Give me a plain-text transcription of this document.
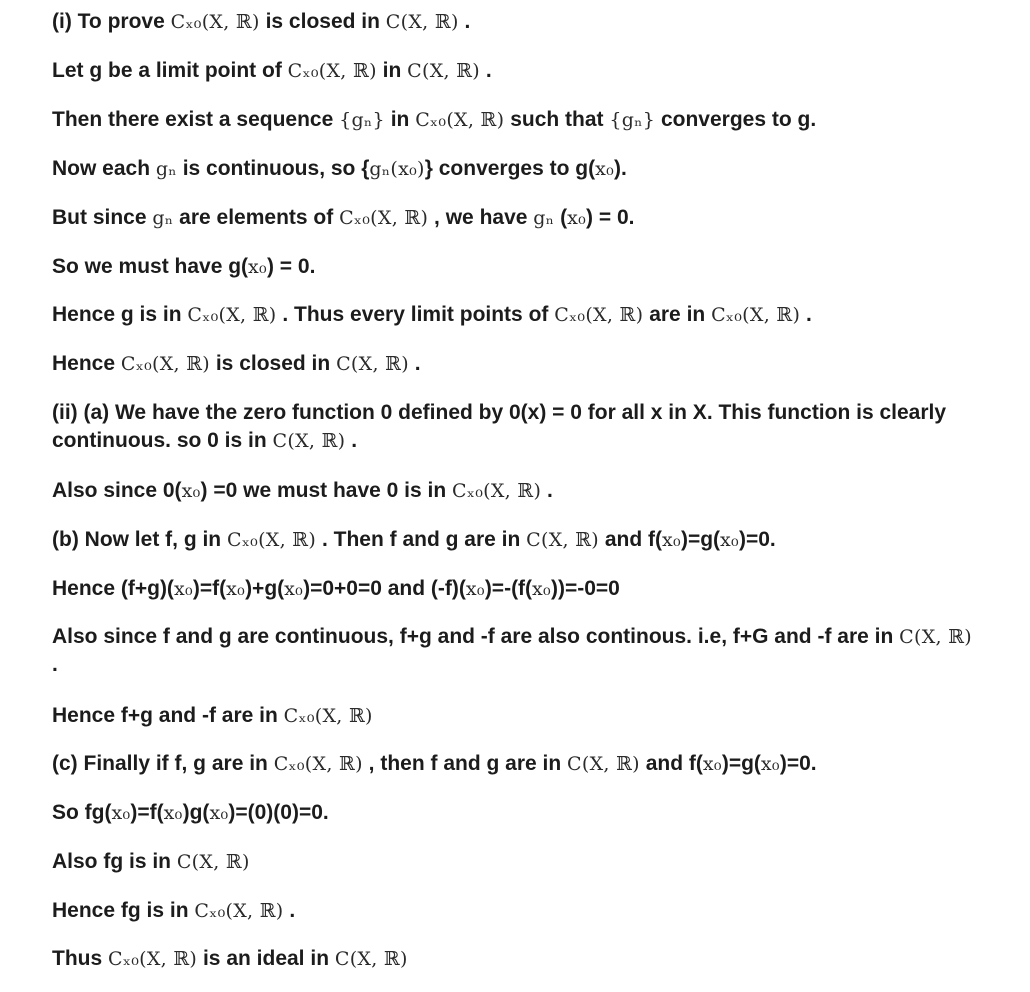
(i) To prove Cₓ₀(X, ℝ) is closed in C(X, ℝ) .
Let g be a limit point of Cₓ₀(X, ℝ) in C(X, ℝ) .
Then there exist a sequence {gₙ} in Cₓ₀(X, ℝ) such that {gₙ} converges to g.
Now each gₙ is continuous, so {gₙ(x₀)} converges to g(x₀).
But since gₙ are elements of Cₓ₀(X, ℝ) , we have gₙ (x₀) = 0.
So we must have g(x₀) = 0.
Hence g is in Cₓ₀(X, ℝ) . Thus every limit points of Cₓ₀(X, ℝ) are in Cₓ₀(X, ℝ) .
Hence Cₓ₀(X, ℝ) is closed in C(X, ℝ) .
(ii) (a) We have the zero function 0 defined by 0(x) = 0 for all x in X. This function is clearly continuous. so 0 is in C(X, ℝ) .
Also since 0(x₀) =0 we must have 0 is in Cₓ₀(X, ℝ) .
(b) Now let f, g in Cₓ₀(X, ℝ) . Then f and g are in C(X, ℝ) and f(x₀)=g(x₀)=0.
Hence (f+g)(x₀)=f(x₀)+g(x₀)=0+0=0 and (-f)(x₀)=-(f(x₀))=-0=0
Also since f and g are continuous, f+g and -f are also continous. i.e, f+G and -f are in C(X, ℝ) .
Hence f+g and -f are in Cₓ₀(X, ℝ)
(c) Finally if f, g are in Cₓ₀(X, ℝ) , then f and g are in C(X, ℝ) and f(x₀)=g(x₀)=0.
So fg(x₀)=f(x₀)g(x₀)=(0)(0)=0.
Also fg is in C(X, ℝ)
Hence fg is in Cₓ₀(X, ℝ) .
Thus Cₓ₀(X, ℝ) is an ideal in C(X, ℝ)
